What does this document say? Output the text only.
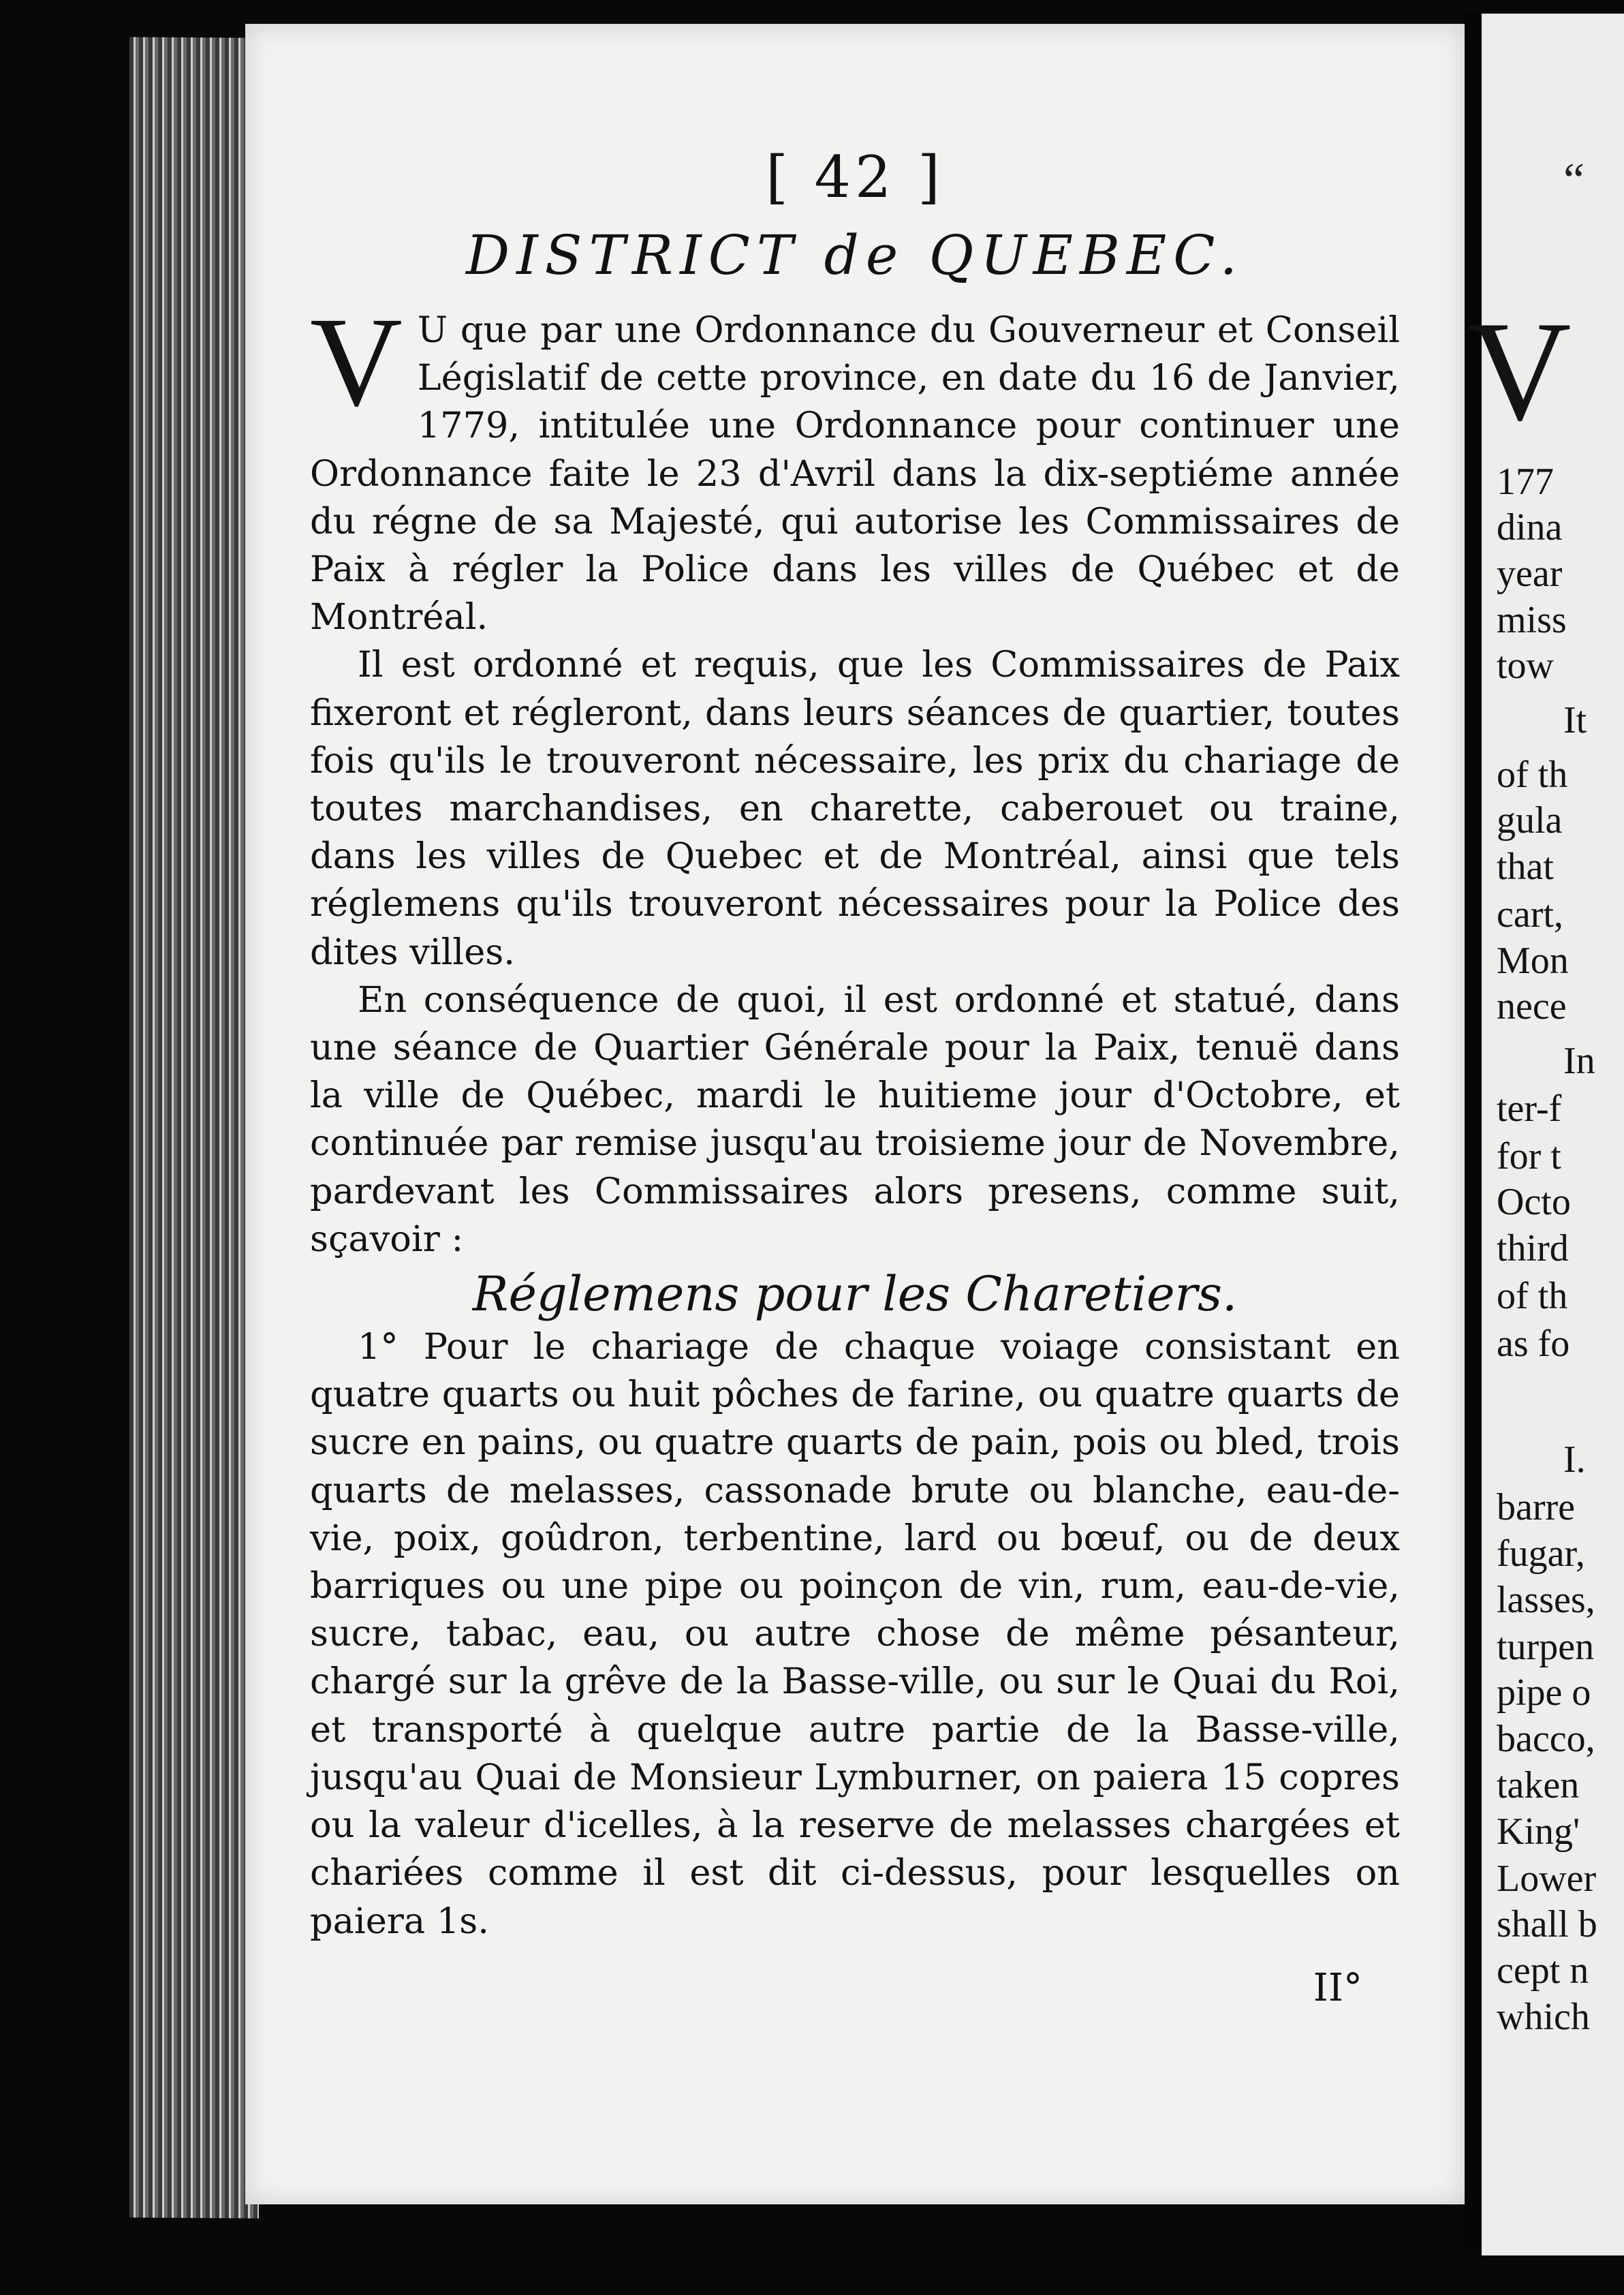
[ 42 ]
DISTRICT de QUEBEC.

V U que par une Ordonnance du Gouverneur et Conseil Législatif de cette province, en date du 16 de Janvier, 1779, intitulée une Ordonnance pour continuer une Ordonnance faite le 23 d'Avril dans la dix-septiéme année du régne de sa Majesté, qui autorise les Commissaires de Paix à régler la Police dans les villes de Québec et de Montréal.

Il est ordonné et requis, que les Commissaires de Paix fixeront et régleront, dans leurs séances de quartier, toutes fois qu'ils le trouveront nécessaire, les prix du chariage de toutes marchandises, en charette, caberouet ou traine, dans les villes de Quebec et de Montréal, ainsi que tels réglemens qu'ils trouveront nécessaires pour la Police des dites villes.

En conséquence de quoi, il est ordonné et statué, dans une séance de Quartier Générale pour la Paix, tenuë dans la ville de Québec, mardi le huitieme jour d'Octobre, et continuée par remise jusqu'au troisieme jour de Novembre, pardevant les Commissaires alors presens, comme suit, sçavoir :

Réglemens pour les Charetiers.

1° Pour le chariage de chaque voiage consistant en quatre quarts ou huit pôches de farine, ou quatre quarts de sucre en pains, ou quatre quarts de pain, pois ou bled, trois quarts de melasses, cassonade brute ou blanche, eau-de-vie, poix, goûdron, terbentine, lard ou bœuf, ou de deux barriques ou une pipe ou poinçon de vin, rum, eau-de-vie, sucre, tabac, eau, ou autre chose de même pésanteur, chargé sur la grêve de la Basse-ville, ou sur le Quai du Roi, et transporté à quelque autre partie de la Basse-ville, jusqu'au Quai de Monsieur Lymburner, on paiera 15 copres ou la valeur d'icelles, à la reserve de melasses chargées et chariées comme il est dit ci-dessus, pour lesquelles on paiera 1s.

II°
“
V
177
dina
year
miss
tow
It
of th
gula
that
cart,
Mon
nece
In
ter-f
for t
Octo
third
of th
as fo
I.
barre
fugar,
lasses,
turpen
pipe o
bacco,
taken
King'
Lower
shall b
cept n
which
